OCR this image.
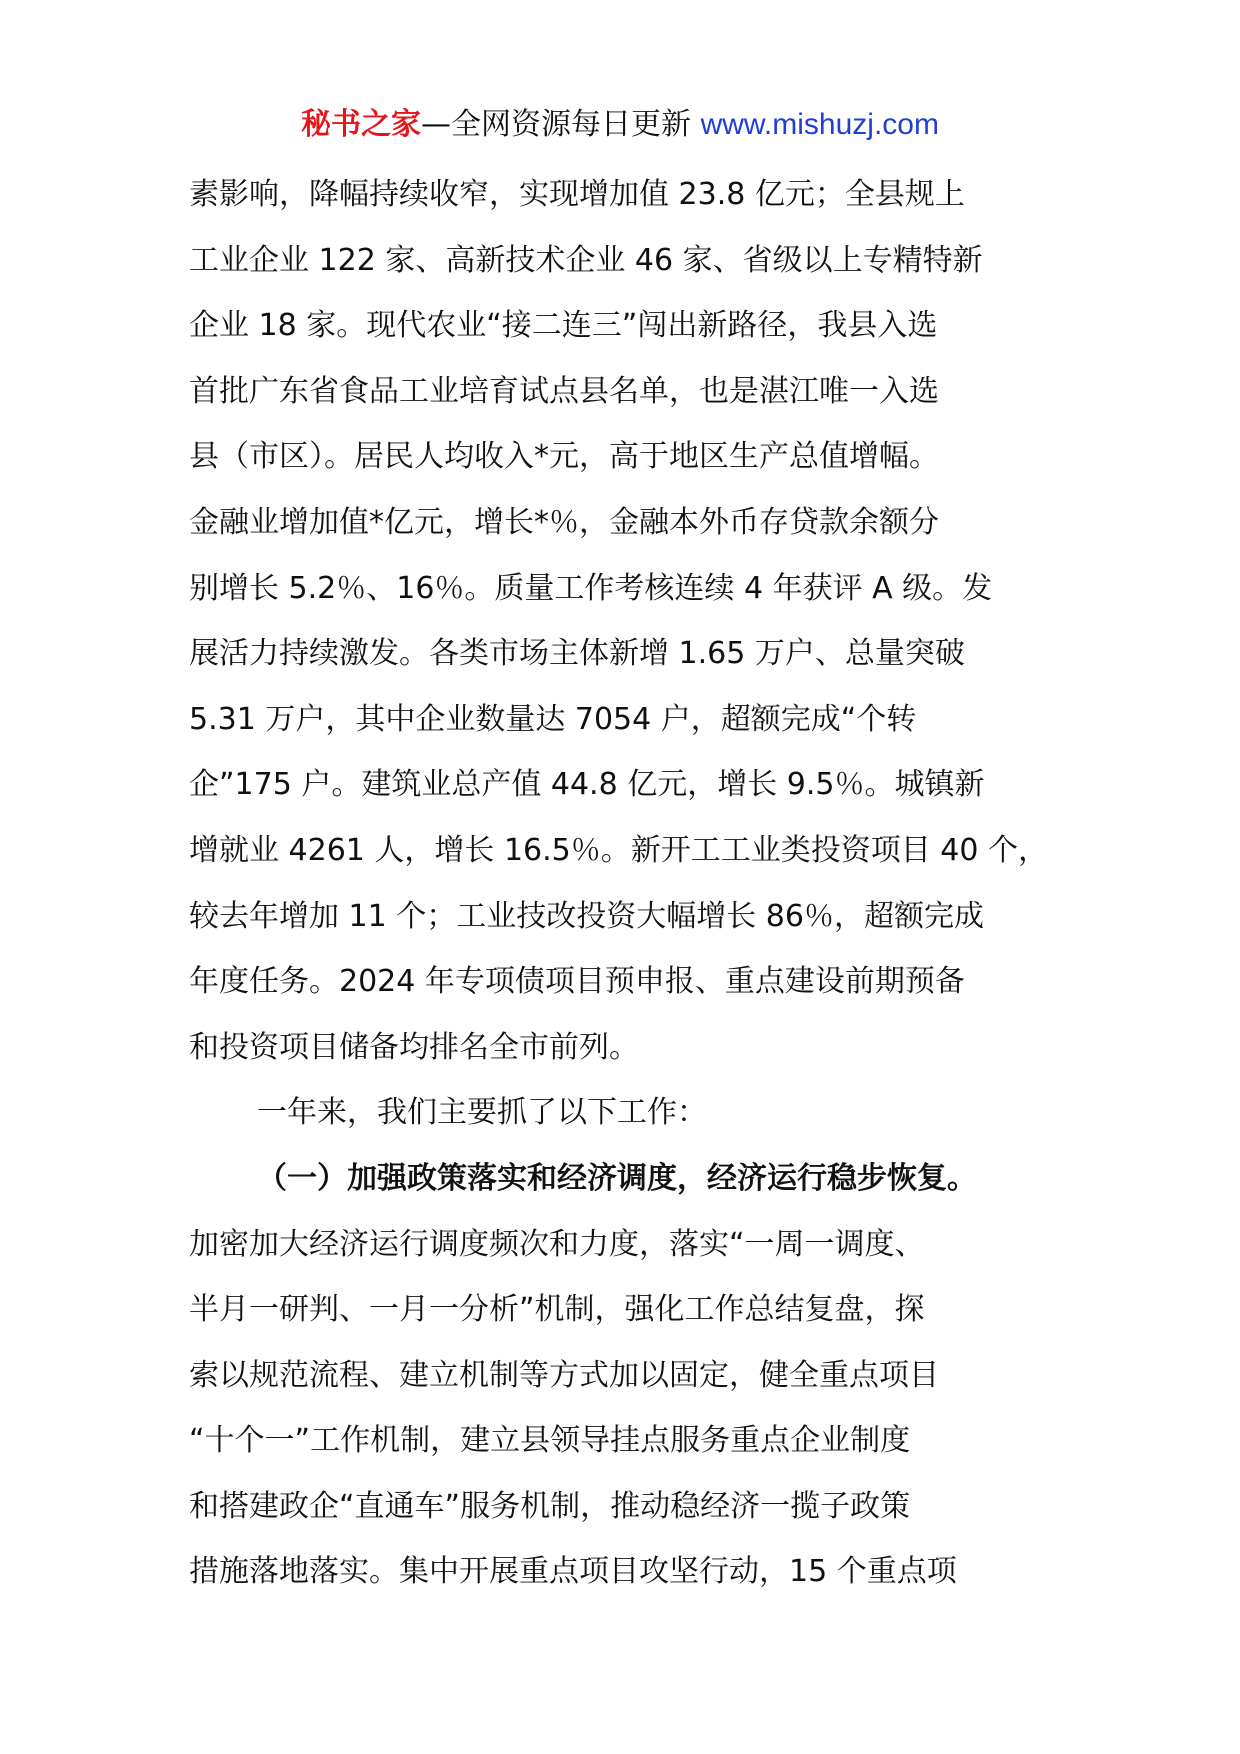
秘书之家—全网资源每日更新 www.mishuzj.com
素影响，降幅持续收窄，实现增加值 23.8 亿元；全县规上
工业企业 122 家、高新技术企业 46 家、省级以上专精特新
企业 18 家。现代农业“接二连三”闯出新路径，我县入选
首批广东省食品工业培育试点县名单，也是湛江唯一入选
县（市区）。居民人均收入*元，高于地区生产总值增幅。
金融业增加值*亿元，增长*％，金融本外币存贷款余额分
别增长 5.2％、16％。质量工作考核连续 4 年获评 A 级。发
展活力持续激发。各类市场主体新增 1.65 万户、总量突破
5.31 万户，其中企业数量达 7054 户，超额完成“个转
企”175 户。建筑业总产值 44.8 亿元，增长 9.5％。城镇新
增就业 4261 人，增长 16.5％。新开工工业类投资项目 40 个，
较去年增加 11 个；工业技改投资大幅增长 86％，超额完成
年度任务。2024 年专项债项目预申报、重点建设前期预备
和投资项目储备均排名全市前列。
一年来，我们主要抓了以下工作：
（一）加强政策落实和经济调度，经济运行稳步恢复。
加密加大经济运行调度频次和力度，落实“一周一调度、
半月一研判、一月一分析”机制，强化工作总结复盘，探
索以规范流程、建立机制等方式加以固定，健全重点项目
“十个一”工作机制，建立县领导挂点服务重点企业制度
和搭建政企“直通车”服务机制，推动稳经济一揽子政策
措施落地落实。集中开展重点项目攻坚行动，15 个重点项
